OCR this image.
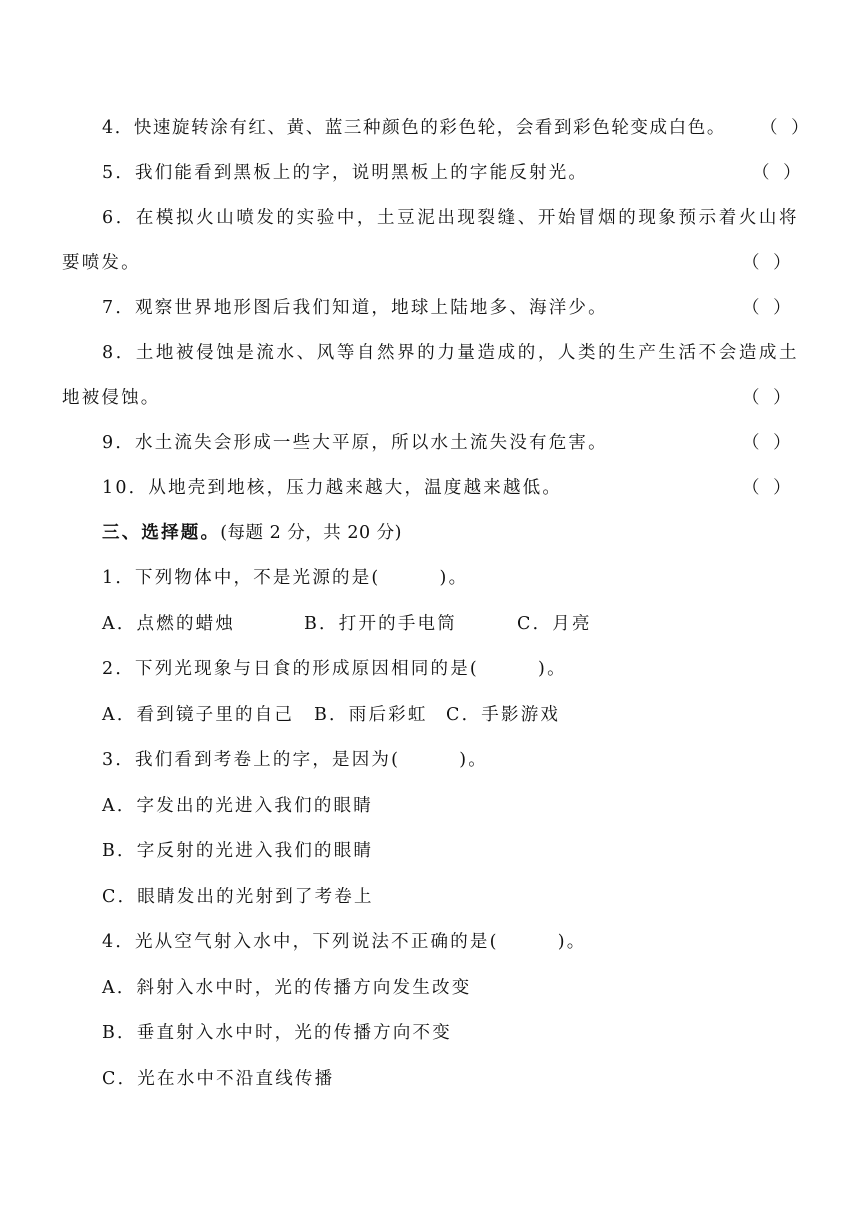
4．快速旋转涂有红、黄、蓝三种颜色的彩色轮，会看到彩色轮变成白色。 （ ）
5．我们能看到黑板上的字，说明黑板上的字能反射光。	（ ）
6．在模拟火山喷发的实验中，土豆泥出现裂缝、开始冒烟的现象预示着火山将
要喷发。	（ ）
7．观察世界地形图后我们知道，地球上陆地多、海洋少。	（ ）
8．土地被侵蚀是流水、风等自然界的力量造成的，人类的生产生活不会造成土
地被侵蚀。	（ ）
9．水土流失会形成一些大平原，所以水土流失没有危害。	（ ）
10．从地壳到地核，压力越来越大，温度越来越低。	（ ）
三、选择题。(每题 2 分，共 20 分)
1．下列物体中，不是光源的是(　　　)。
A．点燃的蜡烛	B．打开的手电筒	C．月亮
2．下列光现象与日食的形成原因相同的是(　　　)。
A．看到镜子里的自己 B．雨后彩虹 C．手影游戏
3．我们看到考卷上的字，是因为(　　　)。
A．字发出的光进入我们的眼睛
B．字反射的光进入我们的眼睛
C．眼睛发出的光射到了考卷上
4．光从空气射入水中，下列说法不正确的是(　　　)。
A．斜射入水中时，光的传播方向发生改变
B．垂直射入水中时，光的传播方向不变
C．光在水中不沿直线传播
